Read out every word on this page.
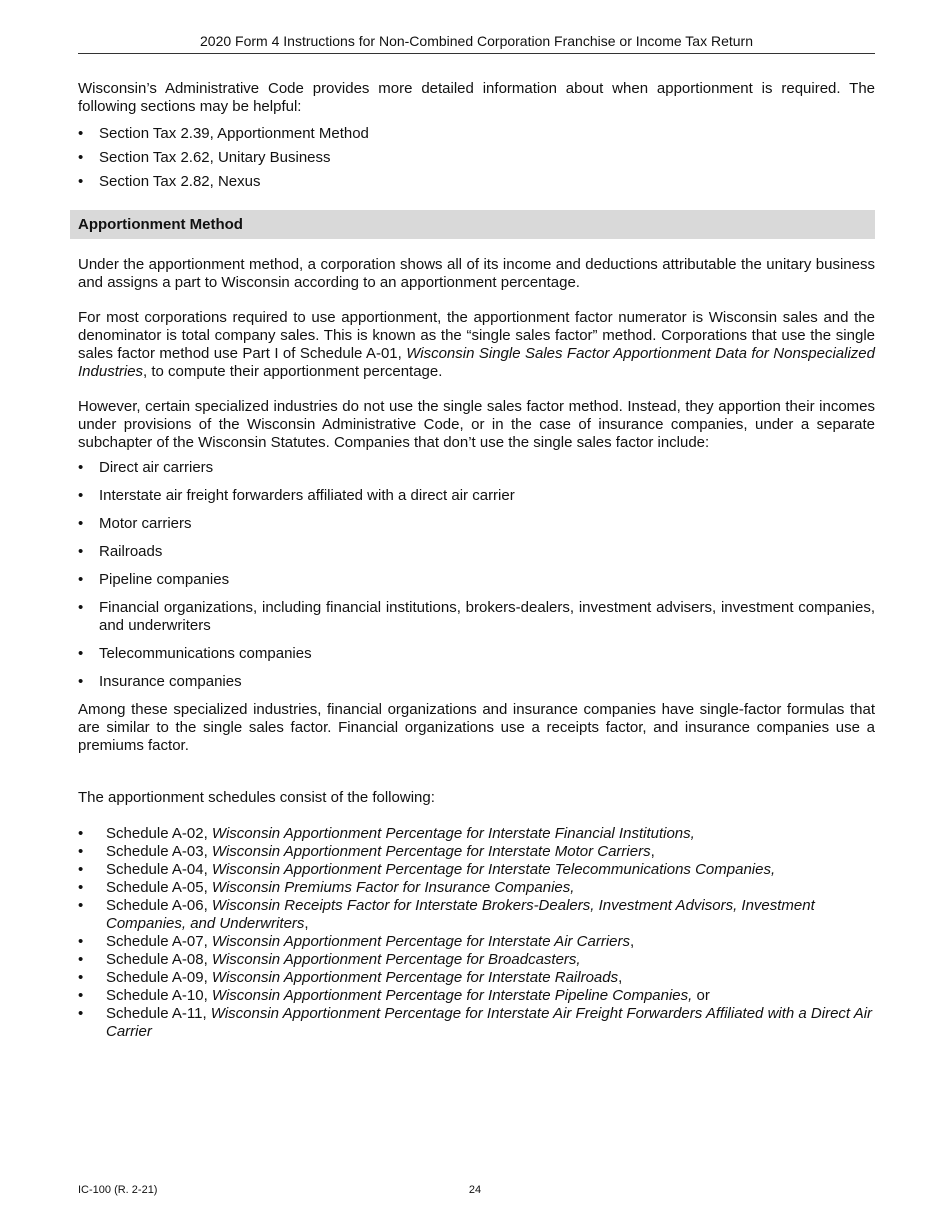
2020 Form 4 Instructions for Non-Combined Corporation Franchise or Income Tax Return

Wisconsin’s Administrative Code provides more detailed information about when apportionment is required. The following sections may be helpful:

• Section Tax 2.39, Apportionment Method
• Section Tax 2.62, Unitary Business
• Section Tax 2.82, Nexus
Apportionment Method

Under the apportionment method, a corporation shows all of its income and deductions attributable the unitary business and assigns a part to Wisconsin according to an apportionment percentage.

For most corporations required to use apportionment, the apportionment factor numerator is Wisconsin sales and the denominator is total company sales. This is known as the “single sales factor” method. Corporations that use the single sales factor method use Part I of Schedule A-01, Wisconsin Single Sales Factor Apportionment Data for Nonspecialized Industries, to compute their apportionment percentage.

However, certain specialized industries do not use the single sales factor method. Instead, they apportion their incomes under provisions of the Wisconsin Administrative Code, or in the case of insurance companies, under a separate subchapter of the Wisconsin Statutes. Companies that don’t use the single sales factor include:

• Direct air carriers
• Interstate air freight forwarders affiliated with a direct air carrier
• Motor carriers
• Railroads
• Pipeline companies
• Financial organizations, including financial institutions, brokers-dealers, investment advisers, investment companies, and underwriters
• Telecommunications companies
• Insurance companies

Among these specialized industries, financial organizations and insurance companies have single-factor formulas that are similar to the single sales factor. Financial organizations use a receipts factor, and insurance companies use a premiums factor.

The apportionment schedules consist of the following:

• Schedule A-02, Wisconsin Apportionment Percentage for Interstate Financial Institutions,
• Schedule A-03, Wisconsin Apportionment Percentage for Interstate Motor Carriers,
• Schedule A-04, Wisconsin Apportionment Percentage for Interstate Telecommunications Companies,
• Schedule A-05, Wisconsin Premiums Factor for Insurance Companies,
• Schedule A-06, Wisconsin Receipts Factor for Interstate Brokers-Dealers, Investment Advisors, Investment Companies, and Underwriters,
• Schedule A-07, Wisconsin Apportionment Percentage for Interstate Air Carriers,
• Schedule A-08, Wisconsin Apportionment Percentage for Broadcasters,
• Schedule A-09, Wisconsin Apportionment Percentage for Interstate Railroads,
• Schedule A-10, Wisconsin Apportionment Percentage for Interstate Pipeline Companies, or
• Schedule A-11, Wisconsin Apportionment Percentage for Interstate Air Freight Forwarders Affiliated with a Direct Air Carrier
IC-100 (R. 2-21)	24
